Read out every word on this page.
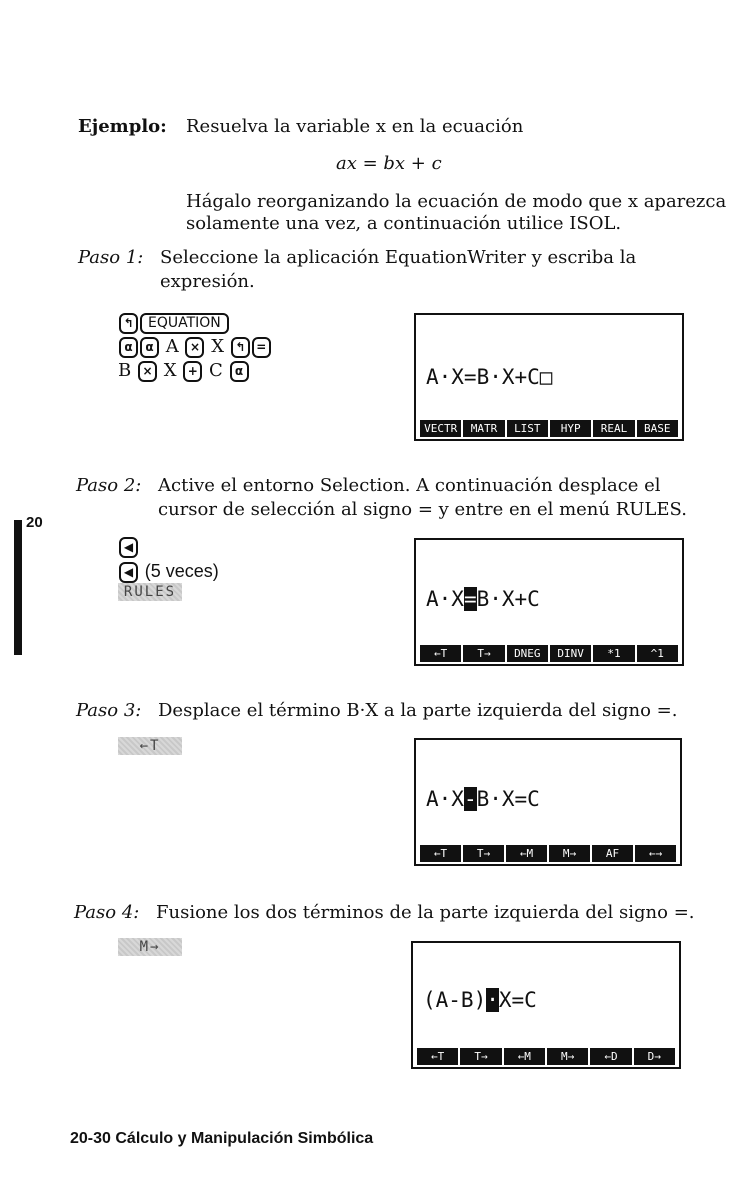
Ejemplo: Resuelva la variable x en la ecuación
ax = bx + c
Hágalo reorganizando la ecuación de modo que x aparezca
solamente una vez, a continuación utilice ISOL.
Paso 1: Seleccione la aplicación EquationWriter y escriba la
expresión.
↰ EQUATION
α α A × X ↰ =
B × X + C α	A·X=B·X+C□
VECTR	MATR	LIST	HYP	REAL	BASE
20
Paso 2: Active el entorno Selection. A continuación desplace el
cursor de selección al signo = y entre en el menú RULES.
◀
◀ (5 veces)
RULES	A·X=B·X+C
←T	T→	DNEG	DINV	*1	^1
Paso 3: Desplace el término B·X a la parte izquierda del signo =.
←T
A·X-B·X=C
←T	T→	←M	M→	AF	←→
Paso 4: Fusione los dos términos de la parte izquierda del signo =.
M→
(A-B)·X=C
←T	T→	←M	M→	←D	D→
20-30 Cálculo y Manipulación Simbólica
